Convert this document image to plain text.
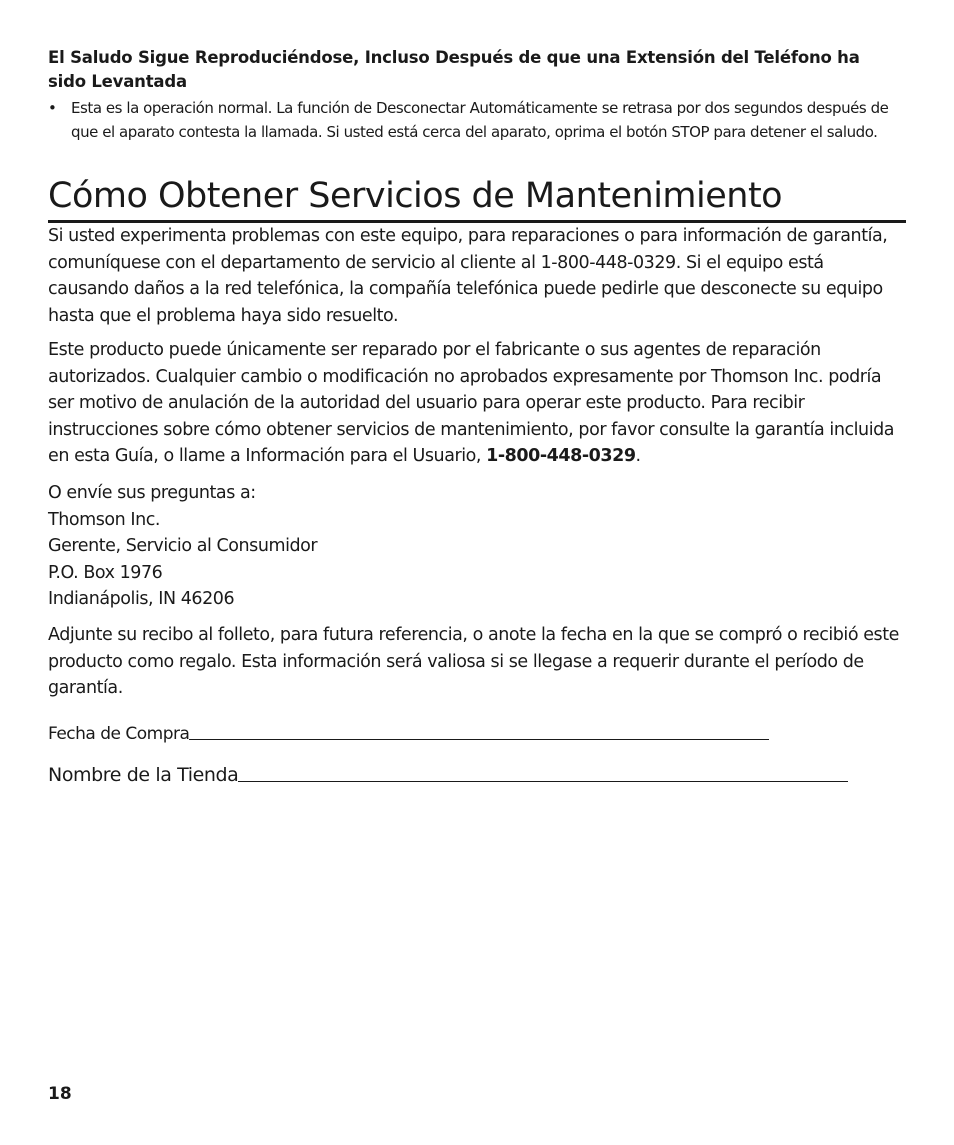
El Saludo Sigue Reproduciéndose, Incluso Después de que una Extensión del Teléfono ha sido Levantada
• Esta es la operación normal. La función de Desconectar Automáticamente se retrasa por dos segundos después de que el aparato contesta la llamada. Si usted está cerca del aparato, oprima el botón STOP para detener el saludo.
Cómo Obtener Servicios de Mantenimiento

Si usted experimenta problemas con este equipo, para reparaciones o para información de garantía, comuníquese con el departamento de servicio al cliente al 1-800-448-0329. Si el equipo está causando daños a la red telefónica, la compañía telefónica puede pedirle que desconecte su equipo hasta que el problema haya sido resuelto.

Este producto puede únicamente ser reparado por el fabricante o sus agentes de reparación autorizados. Cualquier cambio o modificación no aprobados expresamente por Thomson Inc. podría ser motivo de anulación de la autoridad del usuario para operar este producto. Para recibir instrucciones sobre cómo obtener servicios de mantenimiento, por favor consulte la garantía incluida en esta Guía, o llame a Información para el Usuario, 1-800-448-0329.

O envíe sus preguntas a:
Thomson Inc.
Gerente, Servicio al Consumidor
P.O. Box 1976
Indianápolis, IN 46206

Adjunte su recibo al folleto, para futura referencia, o anote la fecha en la que se compró o recibió este producto como regalo. Esta información será valiosa si se llegase a requerir durante el período de garantía.

Fecha de Compra
Nombre de la Tienda
18
